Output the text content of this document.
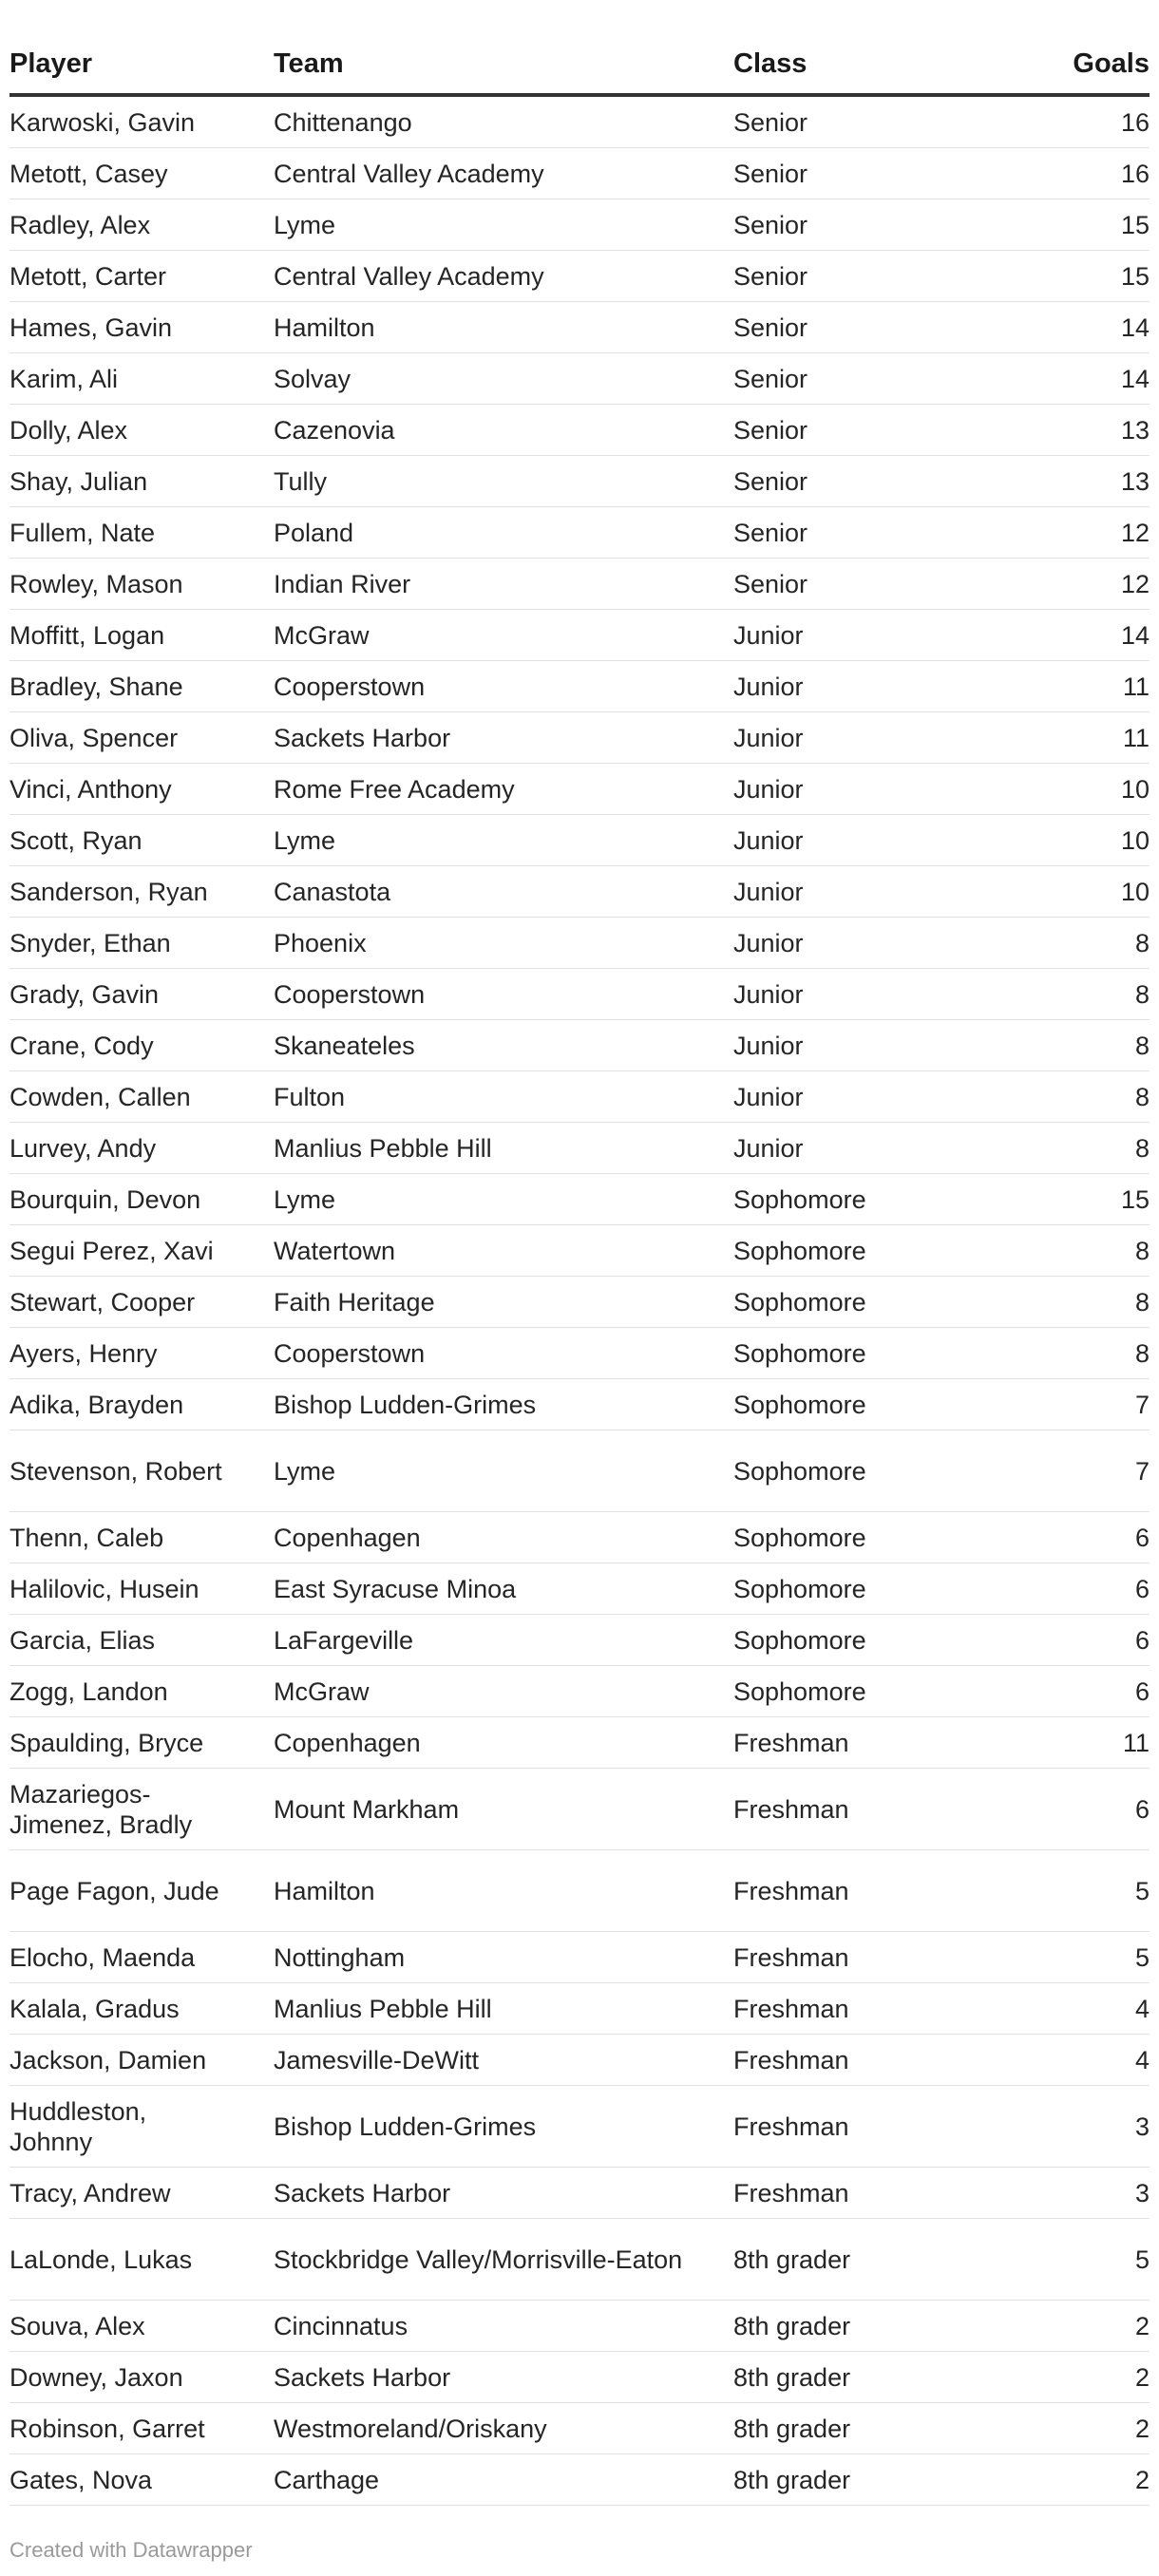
Player	Team	Class	Goals
Karwoski, Gavin	Chittenango	Senior	16
Metott, Casey	Central Valley Academy	Senior	16
Radley, Alex	Lyme	Senior	15
Metott, Carter	Central Valley Academy	Senior	15
Hames, Gavin	Hamilton	Senior	14
Karim, Ali	Solvay	Senior	14
Dolly, Alex	Cazenovia	Senior	13
Shay, Julian	Tully	Senior	13
Fullem, Nate	Poland	Senior	12
Rowley, Mason	Indian River	Senior	12
Moffitt, Logan	McGraw	Junior	14
Bradley, Shane	Cooperstown	Junior	11
Oliva, Spencer	Sackets Harbor	Junior	11
Vinci, Anthony	Rome Free Academy	Junior	10
Scott, Ryan	Lyme	Junior	10
Sanderson, Ryan	Canastota	Junior	10
Snyder, Ethan	Phoenix	Junior	8
Grady, Gavin	Cooperstown	Junior	8
Crane, Cody	Skaneateles	Junior	8
Cowden, Callen	Fulton	Junior	8
Lurvey, Andy	Manlius Pebble Hill	Junior	8
Bourquin, Devon	Lyme	Sophomore	15
Segui Perez, Xavi	Watertown	Sophomore	8
Stewart, Cooper	Faith Heritage	Sophomore	8
Ayers, Henry	Cooperstown	Sophomore	8
Adika, Brayden	Bishop Ludden-Grimes	Sophomore	7
Stevenson, Robert	Lyme	Sophomore	7
Thenn, Caleb	Copenhagen	Sophomore	6
Halilovic, Husein	East Syracuse Minoa	Sophomore	6
Garcia, Elias	LaFargeville	Sophomore	6
Zogg, Landon	McGraw	Sophomore	6
Spaulding, Bryce	Copenhagen	Freshman	11
Mazariegos-Jimenez, Bradly	Mount Markham	Freshman	6
Page Fagon, Jude	Hamilton	Freshman	5
Elocho, Maenda	Nottingham	Freshman	5
Kalala, Gradus	Manlius Pebble Hill	Freshman	4
Jackson, Damien	Jamesville-DeWitt	Freshman	4
Huddleston, Johnny	Bishop Ludden-Grimes	Freshman	3
Tracy, Andrew	Sackets Harbor	Freshman	3
LaLonde, Lukas	Stockbridge Valley/Morrisville-Eaton	8th grader	5
Souva, Alex	Cincinnatus	8th grader	2
Downey, Jaxon	Sackets Harbor	8th grader	2
Robinson, Garret	Westmoreland/Oriskany	8th grader	2
Gates, Nova	Carthage	8th grader	2
Created with Datawrapper
